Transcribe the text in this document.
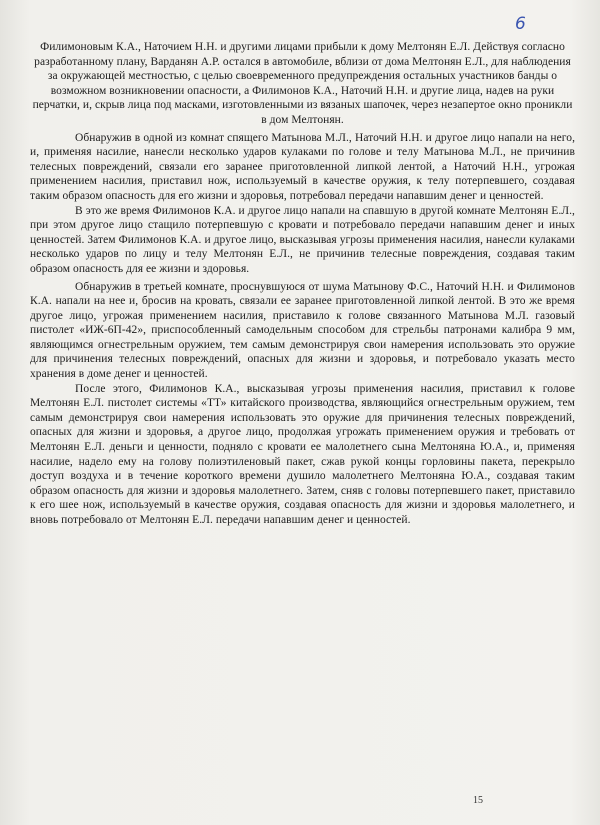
6

Филимоновым К.А., Наточием Н.Н. и другими лицами прибыли к дому Мелтонян Е.Л. Действуя согласно разработанному плану, Варданян А.Р. остался в автомобиле, вблизи от дома Мелтонян Е.Л., для наблюдения за окружающей местностью, с целью своевременного предупреждения остальных участников банды о возможном возникновении опасности, а Филимонов К.А., Наточий Н.Н. и другие лица, надев на руки перчатки, и, скрыв лица под масками, изготовленными из вязаных шапочек, через незапертое окно проникли в дом Мелтонян.

Обнаружив в одной из комнат спящего Матынова М.Л., Наточий Н.Н. и другое лицо напали на него, и, применяя насилие, нанесли несколько ударов кулаками по голове и телу Матынова М.Л., не причинив телесных повреждений, связали его заранее приготовленной липкой лентой, а Наточий Н.Н., угрожая применением насилия, приставил нож, используемый в качестве оружия, к телу потерпевшего, создавая таким образом опасность для его жизни и здоровья, потребовал передачи напавшим денег и ценностей.

В это же время Филимонов К.А. и другое лицо напали на спавшую в другой комнате Мелтонян Е.Л., при этом другое лицо стащило потерпевшую с кровати и потребовало передачи напавшим денег и иных ценностей. Затем Филимонов К.А. и другое лицо, высказывая угрозы применения насилия, нанесли кулаками несколько ударов по лицу и телу Мелтонян Е.Л., не причинив телесные повреждения, создавая таким образом опасность для ее жизни и здоровья.

Обнаружив в третьей комнате, проснувшуюся от шума Матынову Ф.С., Наточий Н.Н. и Филимонов К.А. напали на нее и, бросив на кровать, связали ее заранее приготовленной липкой лентой. В это же время другое лицо, угрожая применением насилия, приставило к голове связанного Матынова М.Л. газовый пистолет «ИЖ-6П-42», приспособленный самодельным способом для стрельбы патронами калибра 9 мм, являющимся огнестрельным оружием, тем самым демонстрируя свои намерения использовать это оружие для причинения телесных повреждений, опасных для жизни и здоровья, и потребовало указать место хранения в доме денег и ценностей.

После этого, Филимонов К.А., высказывая угрозы применения насилия, приставил к голове Мелтонян Е.Л. пистолет системы «ТТ» китайского производства, являющийся огнестрельным оружием, тем самым демонстрируя свои намерения использовать это оружие для причинения телесных повреждений, опасных для жизни и здоровья, а другое лицо, продолжая угрожать применением оружия и требовать от Мелтонян Е.Л. деньги и ценности, подняло с кровати ее малолетнего сына Мелтоняна Ю.А., и, применяя насилие, надело ему на голову полиэтиленовый пакет, сжав рукой концы горловины пакета, перекрыло доступ воздуха и в течение короткого времени душило малолетнего Мелтоняна Ю.А., создавая таким образом опасность для жизни и здоровья малолетнего. Затем, сняв с головы потерпевшего пакет, приставило к его шее нож, используемый в качестве оружия, создавая опасность для жизни и здоровья малолетнего, и вновь потребовало от Мелтонян Е.Л. передачи напавшим денег и ценностей.

15
